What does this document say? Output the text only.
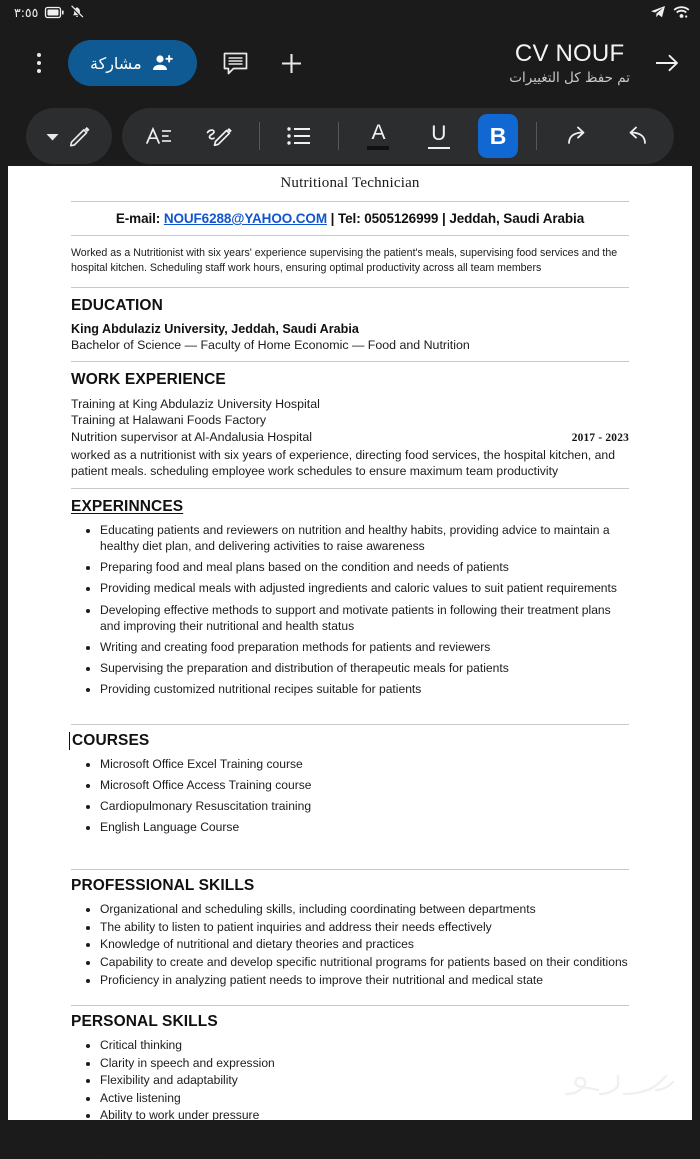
٣:٥٥
مشاركة	CV NOUF
تم حفظ كل التغييرات
A U B
Nutritional Technician
E-mail: NOUF6288@YAHOO.COM | Tel: 0505126999 | Jeddah, Saudi Arabia
Worked as a Nutritionist with six years' experience supervising the patient's meals, supervising food services and the hospital kitchen. Scheduling staff work hours, ensuring optimal productivity across all team members
EDUCATION
King Abdulaziz University, Jeddah, Saudi Arabia
Bachelor of Science — Faculty of Home Economic — Food and Nutrition
WORK EXPERIENCE
Training at King Abdulaziz University Hospital
Training at Halawani Foods Factory
Nutrition supervisor at Al-Andalusia Hospital	2017 - 2023
worked as a nutritionist with six years of experience, directing food services, the hospital kitchen, and patient meals. scheduling employee work schedules to ensure maximum team productivity
EXPERINNCES
Educating patients and reviewers on nutrition and healthy habits, providing advice to maintain a healthy diet plan, and delivering activities to raise awareness
Preparing food and meal plans based on the condition and needs of patients
Providing medical meals with adjusted ingredients and caloric values to suit patient requirements
Developing effective methods to support and motivate patients in following their treatment plans and improving their nutritional and health status
Writing and creating food preparation methods for patients and reviewers
Supervising the preparation and distribution of therapeutic meals for patients
Providing customized nutritional recipes suitable for patients
COURSES
Microsoft Office Excel Training course
Microsoft Office Access Training course
Cardiopulmonary Resuscitation training
English Language Course
PROFESSIONAL SKILLS
Organizational and scheduling skills, including coordinating between departments
The ability to listen to patient inquiries and address their needs effectively
Knowledge of nutritional and dietary theories and practices
Capability to create and develop specific nutritional programs for patients based on their conditions
Proficiency in analyzing patient needs to improve their nutritional and medical state
PERSONAL SKILLS
Critical thinking
Clarity in speech and expression
Flexibility and adaptability
Active listening
Ability to work under pressure
Precision and attention to detail
Determination to achieve results
